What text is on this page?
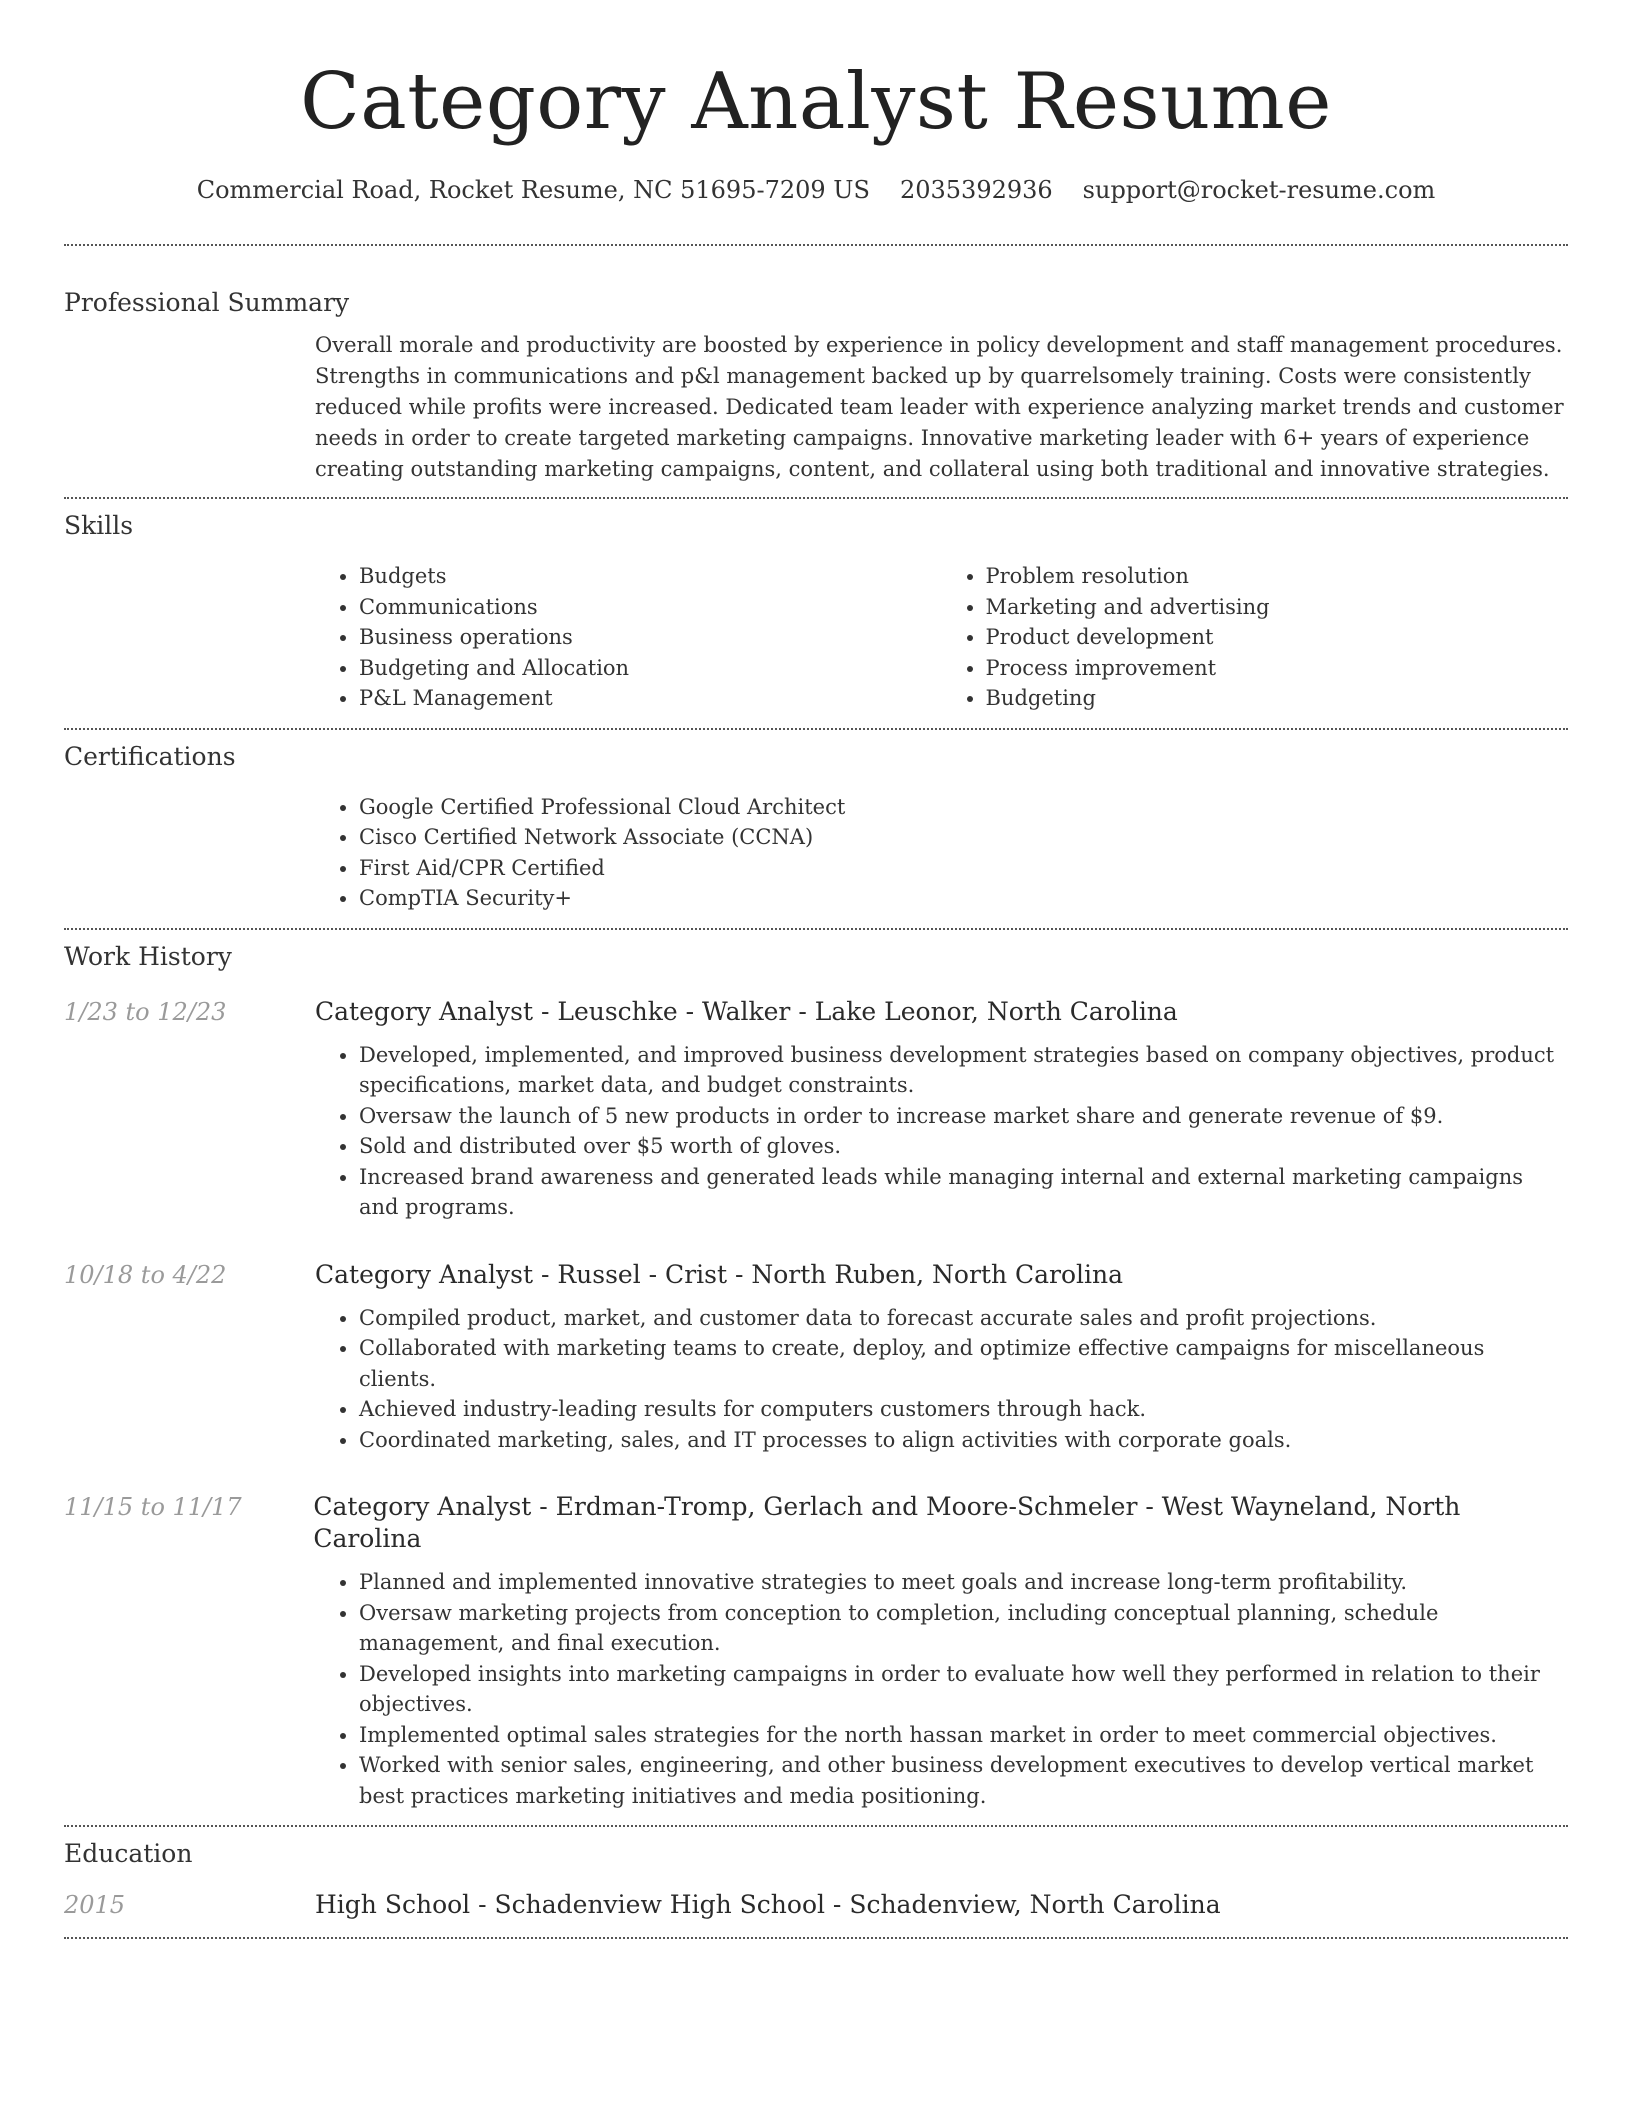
Category Analyst Resume
Commercial Road, Rocket Resume, NC 51695-7209 US 2035392936 support@rocket-resume.com
Professional Summary

Overall morale and productivity are boosted by experience in policy development and staff management procedures. Strengths in communications and p&l management backed up by quarrelsomely training. Costs were consistently reduced while profits were increased. Dedicated team leader with experience analyzing market trends and customer needs in order to create targeted marketing campaigns. Innovative marketing leader with 6+ years of experience creating outstanding marketing campaigns, content, and collateral using both traditional and innovative strategies.

Skills
• Budgets
• Communications
• Business operations
• Budgeting and Allocation
• P&L Management
• Problem resolution
• Marketing and advertising
• Product development
• Process improvement
• Budgeting
Certifications
• Google Certified Professional Cloud Architect
• Cisco Certified Network Associate (CCNA)
• First Aid/CPR Certified
• CompTIA Security+
Work History
1/23 to 12/23	Category Analyst - Leuschke - Walker - Lake Leonor, North Carolina
• Developed, implemented, and improved business development strategies based on company objectives, product specifications, market data, and budget constraints.
• Oversaw the launch of 5 new products in order to increase market share and generate revenue of $9.
• Sold and distributed over $5 worth of gloves.
• Increased brand awareness and generated leads while managing internal and external marketing campaigns and programs.
10/18 to 4/22	Category Analyst - Russel - Crist - North Ruben, North Carolina
• Compiled product, market, and customer data to forecast accurate sales and profit projections.
• Collaborated with marketing teams to create, deploy, and optimize effective campaigns for miscellaneous clients.
• Achieved industry-leading results for computers customers through hack.
• Coordinated marketing, sales, and IT processes to align activities with corporate goals.
11/15 to 11/17	Category Analyst - Erdman-Tromp, Gerlach and Moore-Schmeler - West Wayneland, North Carolina
• Planned and implemented innovative strategies to meet goals and increase long-term profitability.
• Oversaw marketing projects from conception to completion, including conceptual planning, schedule management, and final execution.
• Developed insights into marketing campaigns in order to evaluate how well they performed in relation to their objectives.
• Implemented optimal sales strategies for the north hassan market in order to meet commercial objectives.
• Worked with senior sales, engineering, and other business development executives to develop vertical market best practices marketing initiatives and media positioning.
Education
2015	High School - Schadenview High School - Schadenview, North Carolina
